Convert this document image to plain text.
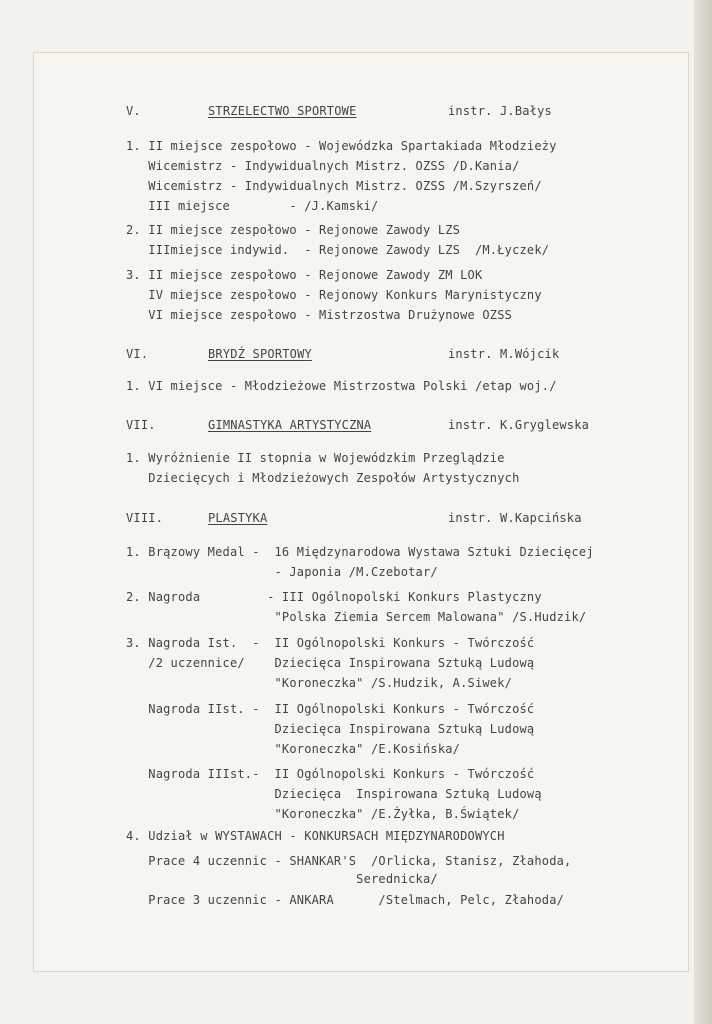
V.	STRZELECTWO SPORTOWE	instr. J.Bałys
1. II miejsce zespołowo - Wojewódzka Spartakiada Młodzieży
Wicemistrz - Indywidualnych Mistrz. OZSS /D.Kania/
Wicemistrz - Indywidualnych Mistrz. OZSS /M.Szyrszeń/
III miejsce        - /J.Kamski/
2. II miejsce zespołowo - Rejonowe Zawody LZS
IIImiejsce indywid.  - Rejonowe Zawody LZS  /M.Łyczek/
3. II miejsce zespołowo - Rejonowe Zawody ZM LOK
IV miejsce zespołowo - Rejonowy Konkurs Marynistyczny
VI miejsce zespołowo - Mistrzostwa Drużynowe OZSS
VI.	BRYDŻ SPORTOWY	instr. M.Wójcik
1. VI miejsce - Młodzieżowe Mistrzostwa Polski /etap woj./
VII.	GIMNASTYKA ARTYSTYCZNA	instr. K.Gryglewska
1. Wyróżnienie II stopnia w Wojewódzkim Przeglądzie
Dziecięcych i Młodzieżowych Zespołów Artystycznych
VIII.	PLASTYKA	instr. W.Kapcińska
1. Brązowy Medal -  16 Międzynarodowa Wystawa Sztuki Dziecięcej
- Japonia /M.Czebotar/
2. Nagroda         - III Ogólnopolski Konkurs Plastyczny
"Polska Ziemia Sercem Malowana" /S.Hudzik/
3. Nagroda Ist.  -  II Ogólnopolski Konkurs - Twórczość
/2 uczennice/    Dziecięca Inspirowana Sztuką Ludową
"Koroneczka" /S.Hudzik, A.Siwek/
Nagroda IIst. -  II Ogólnopolski Konkurs - Twórczość
Dziecięca Inspirowana Sztuką Ludową
"Koroneczka" /E.Kosińska/
Nagroda IIIst.-  II Ogólnopolski Konkurs - Twórczość
Dziecięca  Inspirowana Sztuką Ludową
"Koroneczka" /E.Żyłka, B.Świątek/
4. Udział w WYSTAWACH - KONKURSACH MIĘDZYNARODOWYCH
Prace 4 uczennic - SHANKAR'S  /Orlicka, Stanisz, Złahoda,
Seredniсka/
Prace 3 uczennic - ANKARA      /Stelmach, Pelc, Złahoda/
